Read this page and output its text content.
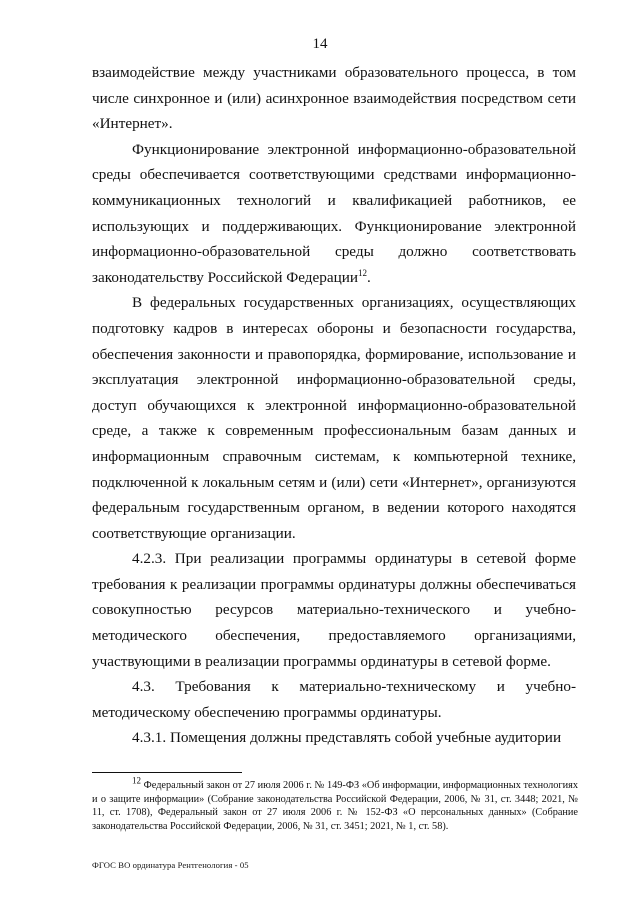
14

взаимодействие между участниками образовательного процесса, в том числе синхронное и (или) асинхронное взаимодействия посредством сети «Интернет».

Функционирование электронной информационно-образовательной среды обеспечивается соответствующими средствами информационно-коммуникационных технологий и квалификацией работников, ее использующих и поддерживающих. Функционирование электронной информационно-образовательной среды должно соответствовать законодательству Российской Федерации$^{12}$.

В федеральных государственных организациях, осуществляющих подготовку кадров в интересах обороны и безопасности государства, обеспечения законности и правопорядка, формирование, использование и эксплуатация электронной информационно-образовательной среды, доступ обучающихся к электронной информационно-образовательной среде, а также к современным профессиональным базам данных и информационным справочным системам, к компьютерной технике, подключенной к локальным сетям и (или) сети «Интернет», организуются федеральным государственным органом, в ведении которого находятся соответствующие организации.

4.2.3. При реализации программы ординатуры в сетевой форме требования к реализации программы ординатуры должны обеспечиваться совокупностью ресурсов материально-технического и учебно-методического обеспечения, предоставляемого организациями, участвующими в реализации программы ординатуры в сетевой форме.

4.3. Требования к материально-техническому и учебно-методическому обеспечению программы ординатуры.

4.3.1. Помещения должны представлять собой учебные аудитории

$^{12}$ Федеральный закон от 27 июля 2006 г. № 149-ФЗ «Об информации, информационных технологиях и о защите информации» (Собрание законодательства Российской Федерации, 2006, № 31, ст. 3448; 2021, № 11, ст. 1708), Федеральный закон от 27 июля 2006 г. № 152-ФЗ «О персональных данных» (Собрание законодательства Российской Федерации, 2006, № 31, ст. 3451; 2021, № 1, ст. 58).

ФГОС ВО ординатура Рентгенология - 05
